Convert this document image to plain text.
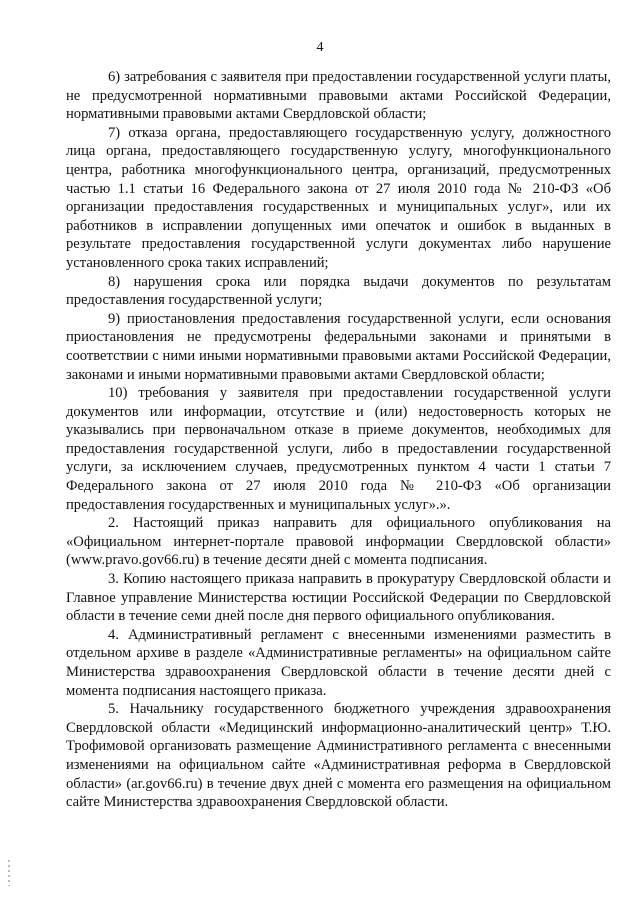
4

6) затребования с заявителя при предоставлении государственной услуги платы, не предусмотренной нормативными правовыми актами Российской Федерации, нормативными правовыми актами Свердловской области;

7) отказа органа, предоставляющего государственную услугу, должностного лица органа, предоставляющего государственную услугу, многофункционального центра, работника многофункционального центра, организаций, предусмотренных частью 1.1 статьи 16 Федерального закона от 27 июля 2010 года № 210-ФЗ «Об организации предоставления государственных и муниципальных услуг», или их работников в исправлении допущенных ими опечаток и ошибок в выданных в результате предоставления государственной услуги документах либо нарушение установленного срока таких исправлений;

8) нарушения срока или порядка выдачи документов по результатам предоставления государственной услуги;

9) приостановления предоставления государственной услуги, если основания приостановления не предусмотрены федеральными законами и принятыми в соответствии с ними иными нормативными правовыми актами Российской Федерации, законами и иными нормативными правовыми актами Свердловской области;

10) требования у заявителя при предоставлении государственной услуги документов или информации, отсутствие и (или) недостоверность которых не указывались при первоначальном отказе в приеме документов, необходимых для предоставления государственной услуги, либо в предоставлении государственной услуги, за исключением случаев, предусмотренных пунктом 4 части 1 статьи 7 Федерального закона от 27 июля 2010 года № 210-ФЗ «Об организации предоставления государственных и муниципальных услуг».».

2. Настоящий приказ направить для официального опубликования на «Официальном интернет-портале правовой информации Свердловской области» (www.pravo.gov66.ru) в течение десяти дней с момента подписания.

3. Копию настоящего приказа направить в прокуратуру Свердловской области и Главное управление Министерства юстиции Российской Федерации по Свердловской области в течение семи дней после дня первого официального опубликования.

4. Административный регламент с внесенными изменениями разместить в отдельном архиве в разделе «Административные регламенты» на официальном сайте Министерства здравоохранения Свердловской области в течение десяти дней с момента подписания настоящего приказа.

5. Начальнику государственного бюджетного учреждения здравоохранения Свердловской области «Медицинский информационно-аналитический центр» Т.Ю. Трофимовой организовать размещение Административного регламента с внесенными изменениями на официальном сайте «Административная реформа в Свердловской области» (ar.gov66.ru) в течение двух дней с момента его размещения на официальном сайте Министерства здравоохранения Свердловской области.
